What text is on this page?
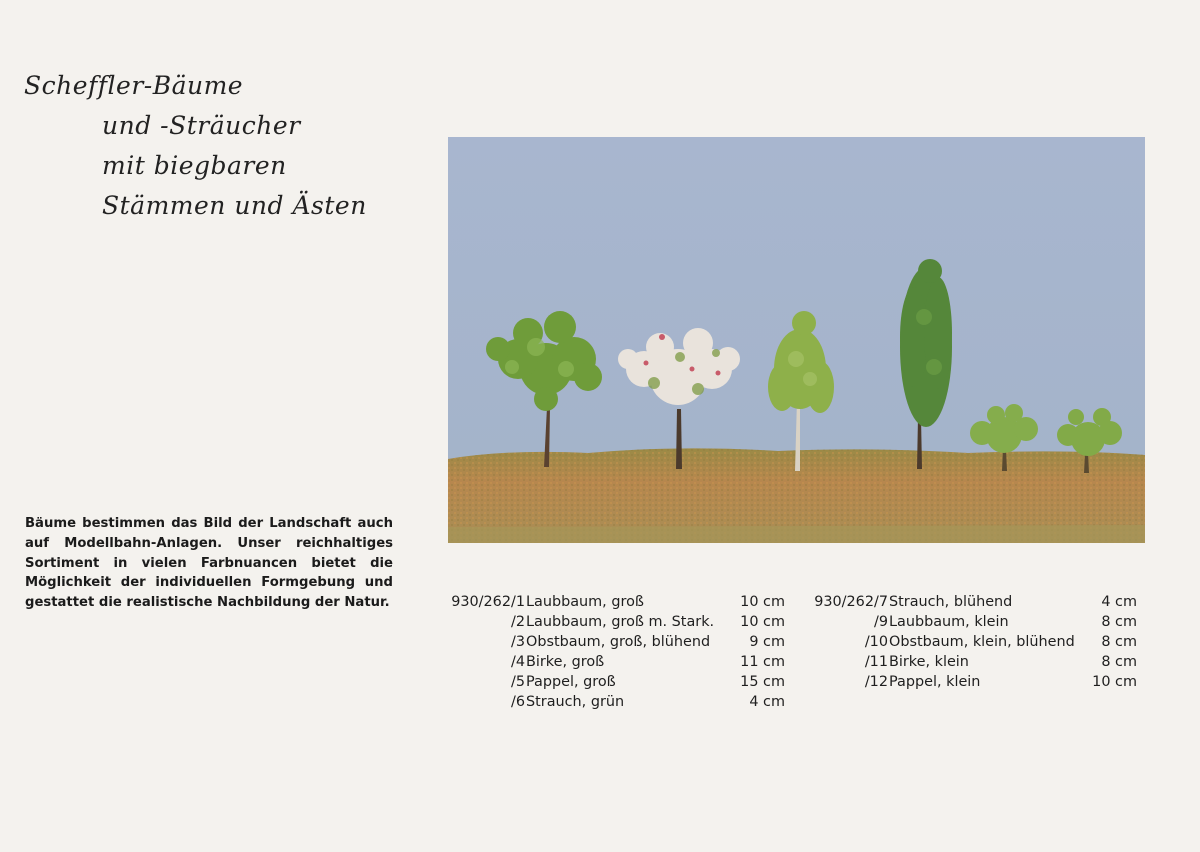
Scheffler-Bäume
und -Sträucher
mit biegbaren
Stämmen und Ästen
Bäume bestimmen das Bild der Landschaft auch auf Modellbahn-Anlagen. Unser reichhaltiges Sortiment in vielen Farbnuancen bietet die Möglichkeit der individuellen Formgebung und gestattet die realistische Nachbildung der Natur.	930/262/1 Laubbaum, groß	10 cm
/2 Laubbaum, groß m. Stark. 10 cm
/3 Obstbaum, groß, blühend	9 cm
/4 Birke, groß	11 cm
/5 Pappel, groß	15 cm
/6 Strauch, grün	4 cm
930/262/7 Strauch, blühend	4 cm
/9 Laubbaum, klein	8 cm
/10 Obstbaum, klein, blühend 8 cm
/11 Birke, klein	8 cm
/12 Pappel, klein	10 cm
